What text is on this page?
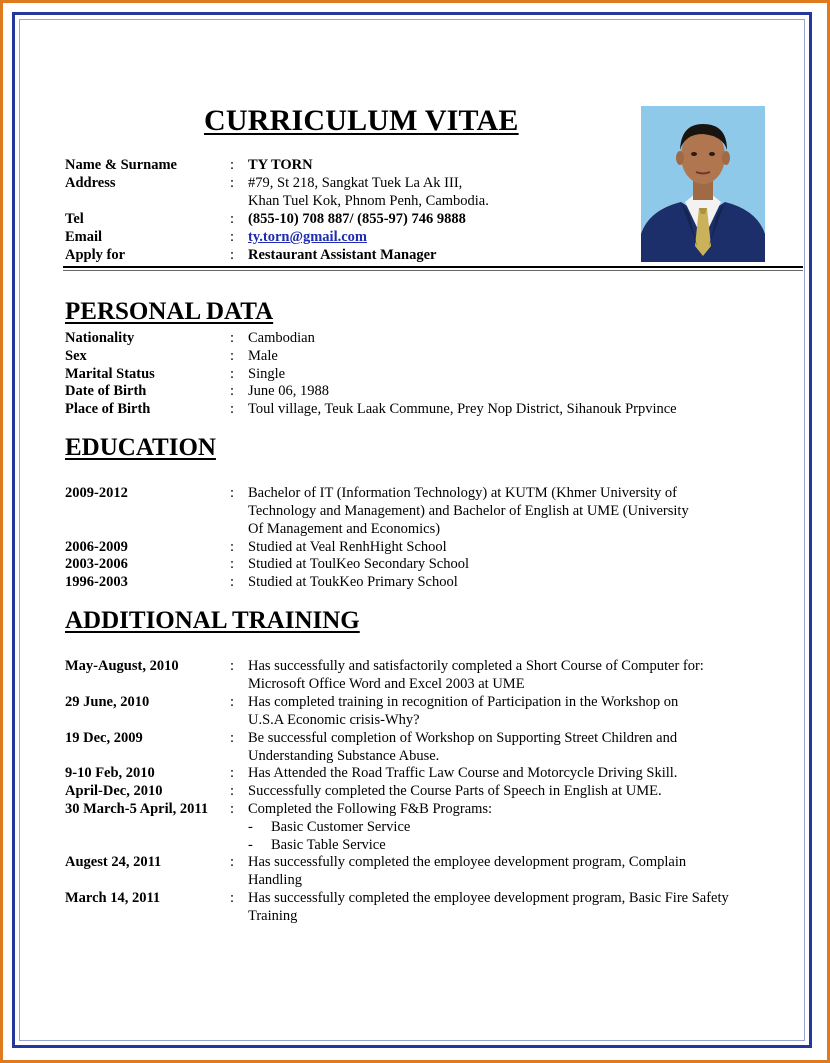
CURRICULUM VITAE
Name & Surname	: TY TORN
Address	: #79, St 218, Sangkat Tuek La Ak III,
Khan Tuel Kok, Phnom Penh, Cambodia.
Tel	: (855-10) 708 887/ (855-97) 746 9888
Email	: ty.torn@gmail.com
Apply for	: Restaurant Assistant Manager
PERSONAL DATA
Nationality	: Cambodian
Sex	: Male
Marital Status	: Single
Date of Birth	: June 06, 1988
Place of Birth	: Toul village, Teuk Laak Commune, Prey Nop District, Sihanouk Prpvince
EDUCATION
2009-2012	: Bachelor of IT (Information Technology) at KUTM (Khmer University of
Technology and Management) and Bachelor of English at UME (University
Of Management and Economics)
2006-2009	: Studied at Veal RenhHight School
2003-2006	: Studied at ToulKeo Secondary School
1996-2003	: Studied at ToukKeo Primary School
ADDITIONAL TRAINING
May-August, 2010	: Has successfully and satisfactorily completed a Short Course of Computer for:
Microsoft Office Word and Excel 2003 at UME
29 June, 2010	: Has completed training in recognition of Participation in the Workshop on
U.S.A Economic crisis-Why?
19 Dec, 2009	: Be successful completion of Workshop on Supporting Street Children and
Understanding Substance Abuse.
9-10 Feb, 2010	: Has Attended the Road Traffic Law Course and Motorcycle Driving Skill.
April-Dec, 2010	: Successfully completed the Course Parts of Speech in English at UME.
30 March-5 April, 2011	: Completed the Following F&B Programs:
- Basic Customer Service
- Basic Table Service
Augest 24, 2011	: Has successfully completed the employee development program, Complain
Handling
March 14, 2011	: Has successfully completed the employee development program, Basic Fire Safety
Training
